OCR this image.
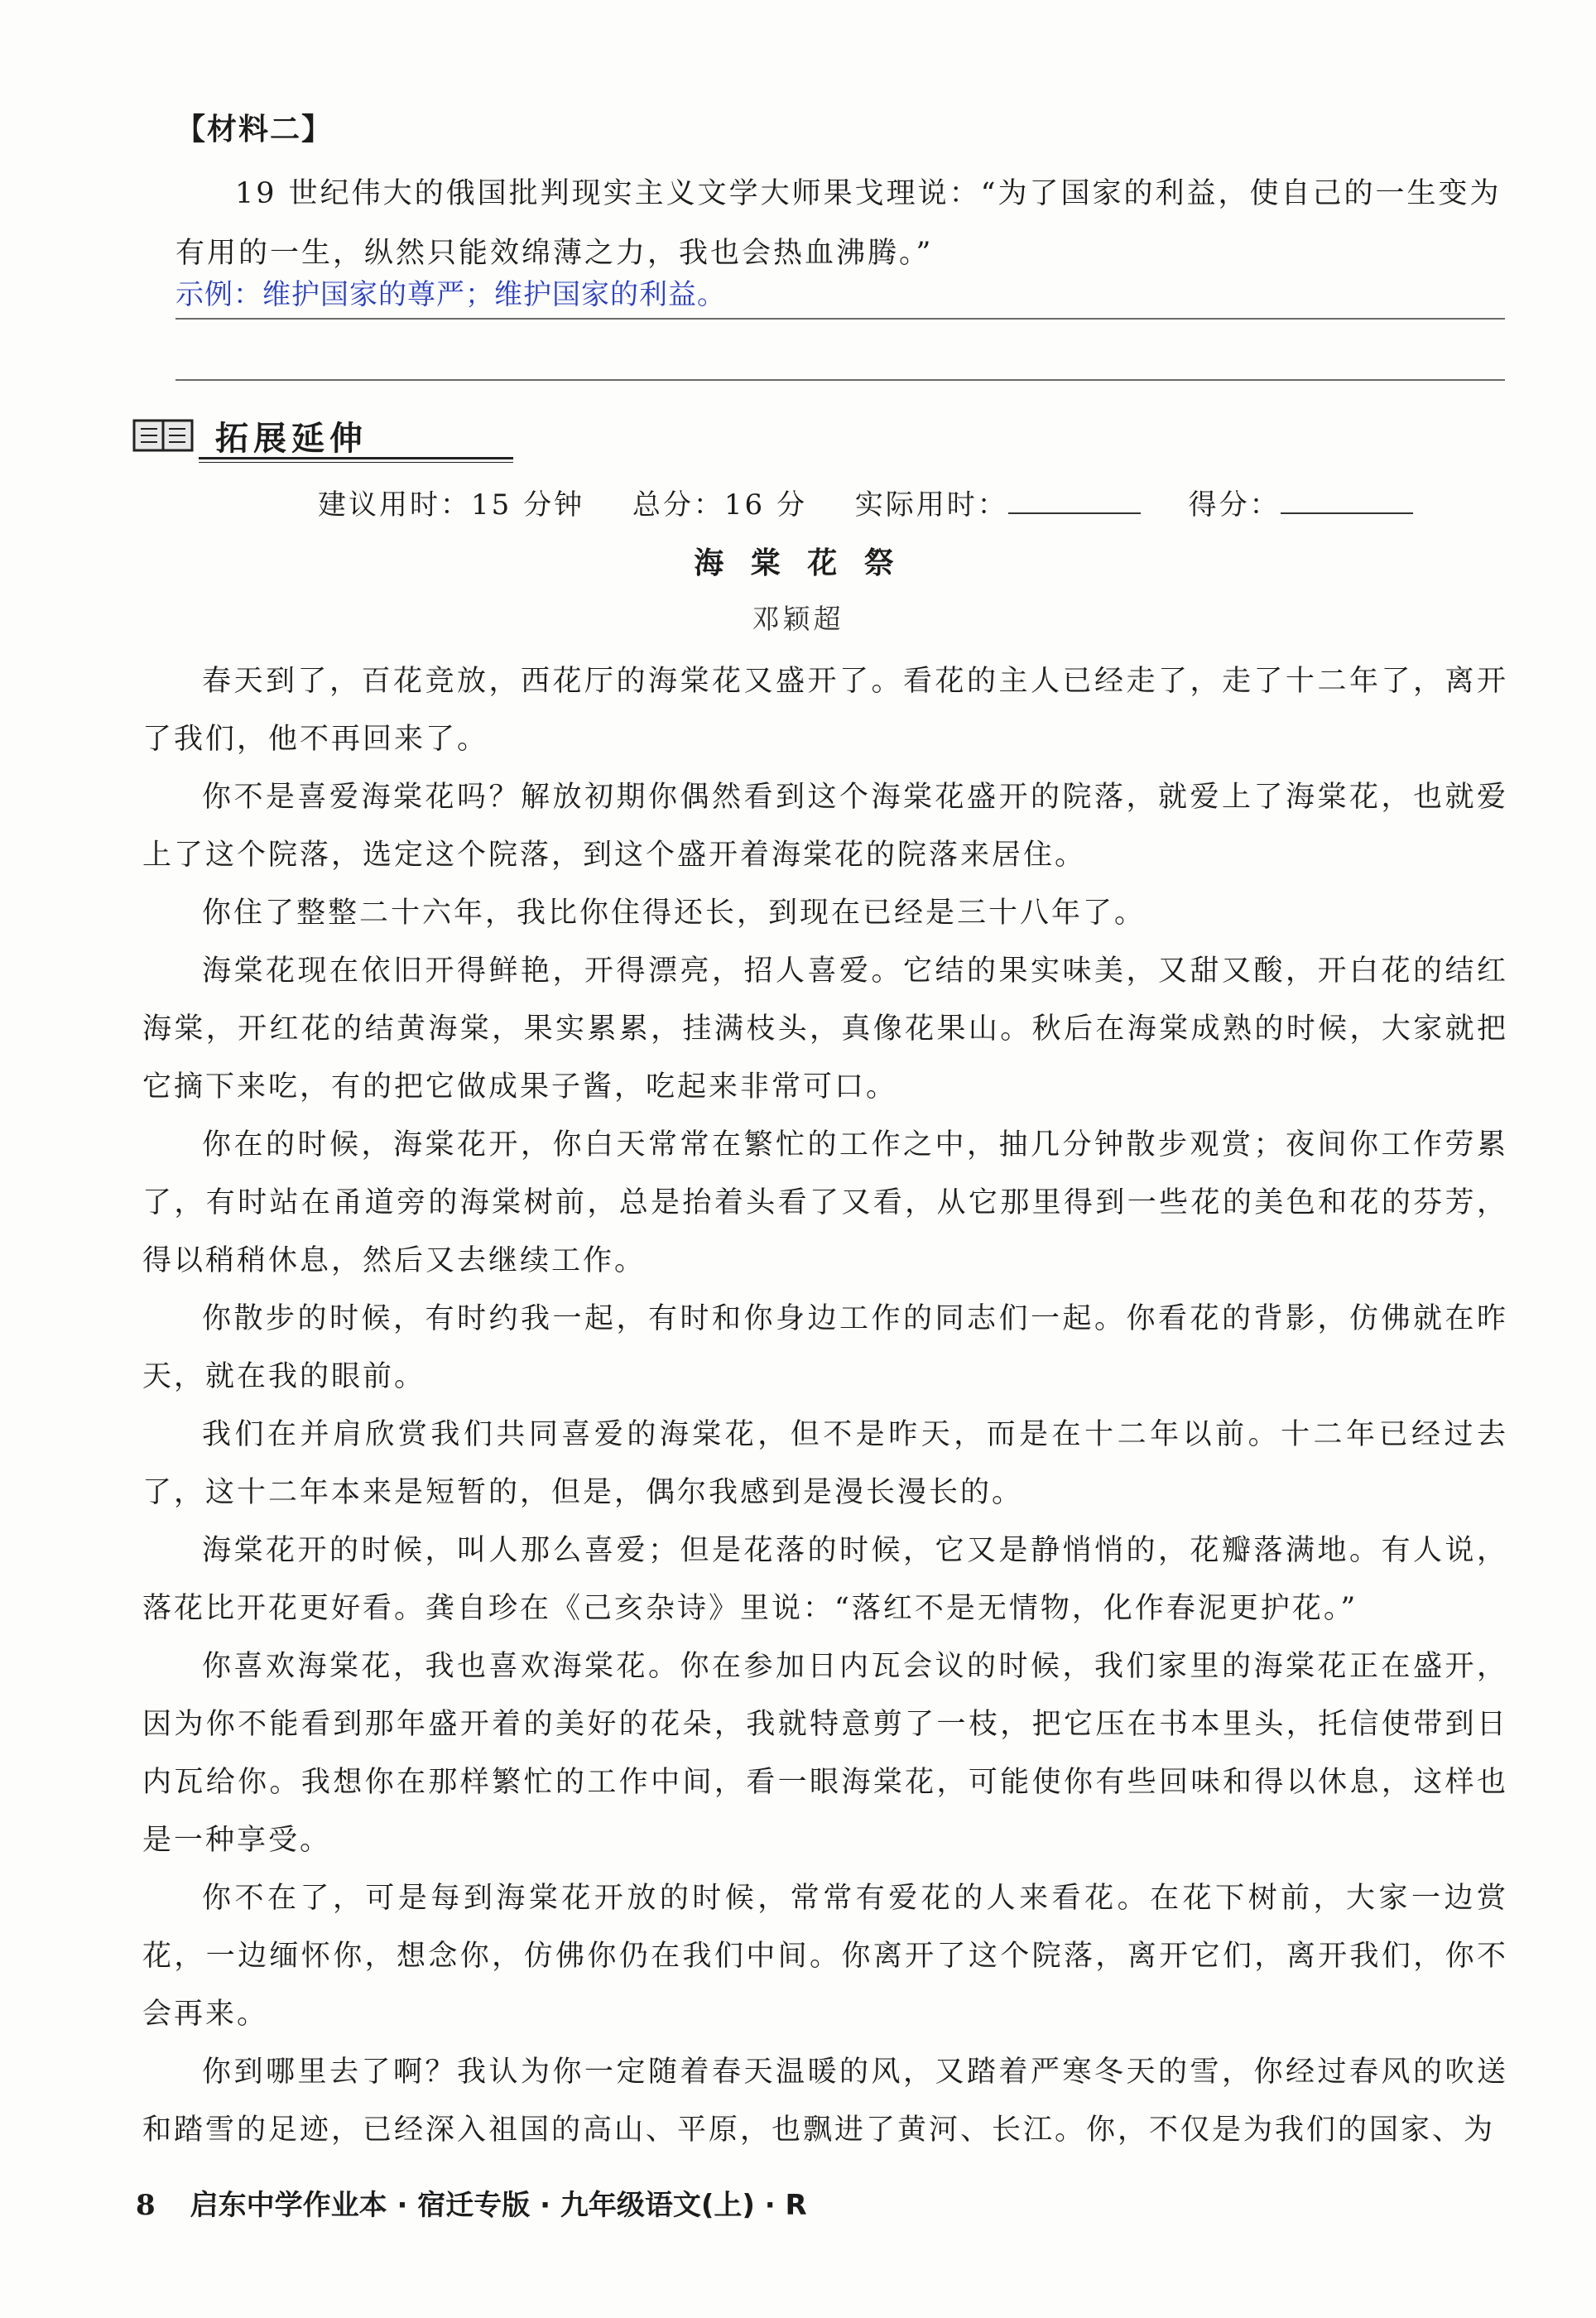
【材料二】
19 世纪伟大的俄国批判现实主义文学大师果戈理说：“为了国家的利益，使自己的一生变为有用的一生，纵然只能效绵薄之力，我也会热血沸腾。”
示例：维护国家的尊严；维护国家的利益。
拓展延伸
建议用时：15 分钟 总分：16 分 实际用时：	得分：
海 棠 花 祭
邓颖超

春天到了，百花竞放，西花厅的海棠花又盛开了。看花的主人已经走了，走了十二年了，离开了我们，他不再回来了。

你不是喜爱海棠花吗？解放初期你偶然看到这个海棠花盛开的院落，就爱上了海棠花，也就爱上了这个院落，选定这个院落，到这个盛开着海棠花的院落来居住。

你住了整整二十六年，我比你住得还长，到现在已经是三十八年了。

海棠花现在依旧开得鲜艳，开得漂亮，招人喜爱。它结的果实味美，又甜又酸，开白花的结红海棠，开红花的结黄海棠，果实累累，挂满枝头，真像花果山。秋后在海棠成熟的时候，大家就把它摘下来吃，有的把它做成果子酱，吃起来非常可口。

你在的时候，海棠花开，你白天常常在繁忙的工作之中，抽几分钟散步观赏；夜间你工作劳累了，有时站在甬道旁的海棠树前，总是抬着头看了又看，从它那里得到一些花的美色和花的芬芳，得以稍稍休息，然后又去继续工作。

你散步的时候，有时约我一起，有时和你身边工作的同志们一起。你看花的背影，仿佛就在昨天，就在我的眼前。

我们在并肩欣赏我们共同喜爱的海棠花，但不是昨天，而是在十二年以前。十二年已经过去了，这十二年本来是短暂的，但是，偶尔我感到是漫长漫长的。

海棠花开的时候，叫人那么喜爱；但是花落的时候，它又是静悄悄的，花瓣落满地。有人说，落花比开花更好看。龚自珍在《己亥杂诗》里说：“落红不是无情物，化作春泥更护花。”

你喜欢海棠花，我也喜欢海棠花。你在参加日内瓦会议的时候，我们家里的海棠花正在盛开，因为你不能看到那年盛开着的美好的花朵，我就特意剪了一枝，把它压在书本里头，托信使带到日内瓦给你。我想你在那样繁忙的工作中间，看一眼海棠花，可能使你有些回味和得以休息，这样也是一种享受。

你不在了，可是每到海棠花开放的时候，常常有爱花的人来看花。在花下树前，大家一边赏花，一边缅怀你，想念你，仿佛你仍在我们中间。你离开了这个院落，离开它们，离开我们，你不会再来。

你到哪里去了啊？我认为你一定随着春天温暖的风，又踏着严寒冬天的雪，你经过春风的吹送和踏雪的足迹，已经深入祖国的高山、平原，也飘进了黄河、长江。你，不仅是为我们的国家、为

8 启东中学作业本 · 宿迁专版 · 九年级语文(上) · R
